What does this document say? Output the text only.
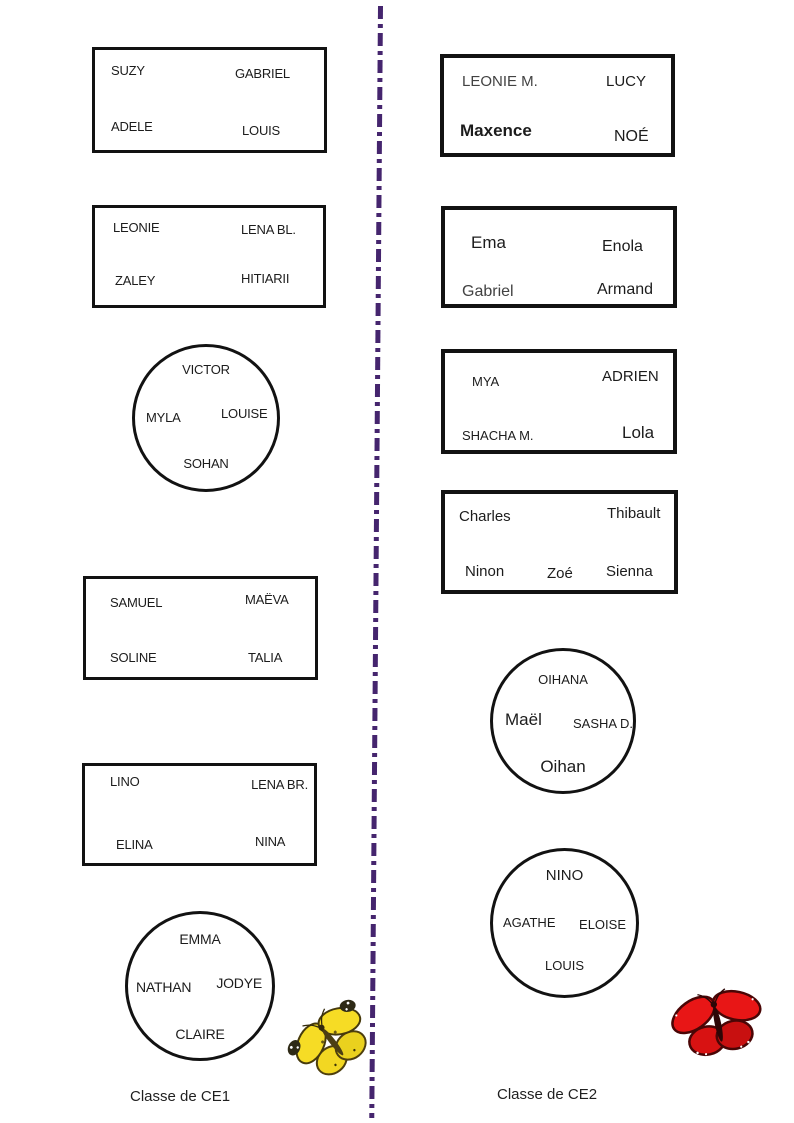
SUZY	GABRIEL
ADELE	LOUIS
LEONIE	LENA BL.
ZALEY	HITIARII
VICTOR
MYLA	LOUISE
SOHAN
SAMUEL	MAËVA
SOLINE	TALIA
LINO	LENA BR.
ELINA	NINA
EMMA
NATHAN JODYE
CLAIRE
Classe de CE1
LEONIE M.	LUCY
Maxence	NOÉ
Ema	Enola
Gabriel	Armand
MYA	ADRIEN
SHACHA M.	Lola
Charles	Thibault
Ninon	Zoé Sienna
OIHANA
Maël SASHA D.
Oihan
NINO
AGATHE ELOISE
LOUIS
Classe de CE2
